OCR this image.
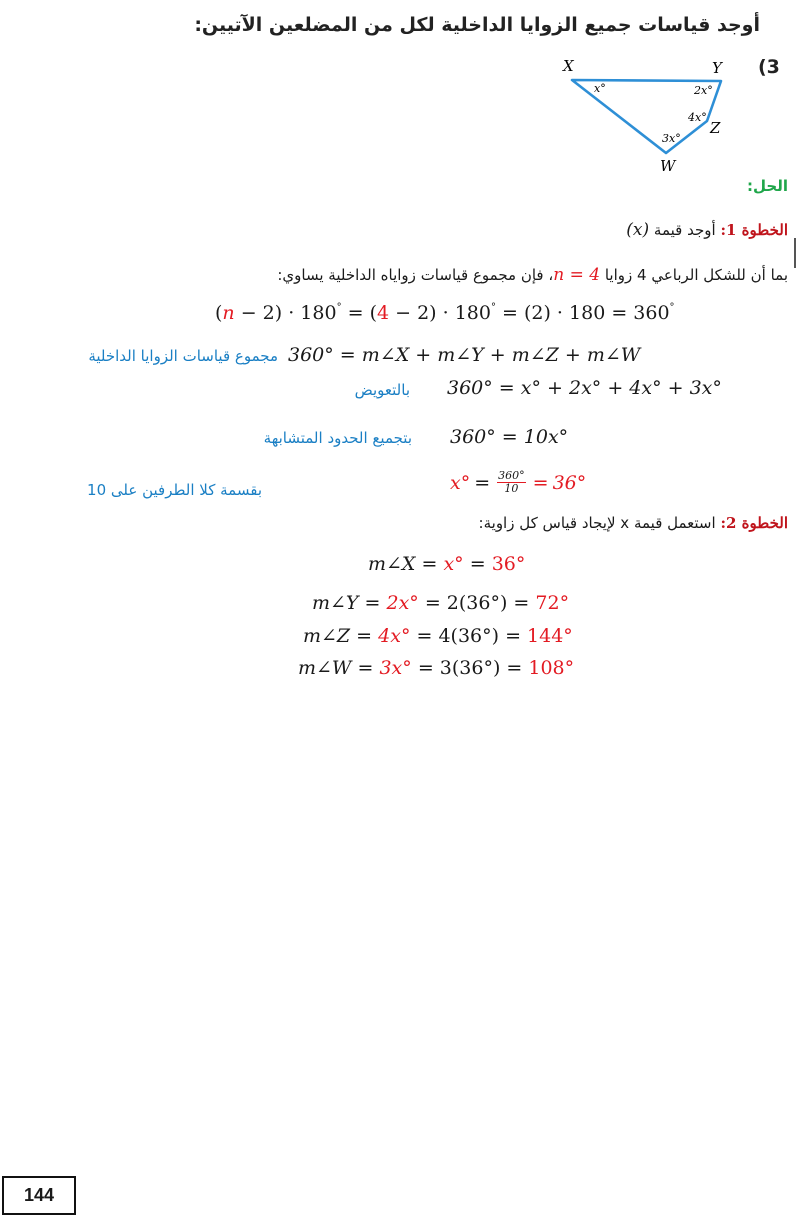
أوجد قياسات جميع الزوايا الداخلية لكل من المضلعين الآتيين:
(3
X	Y
Z
W
x°	2x°
4x°
3x°
الحل:
الخطوة 1: أوجد قيمة (x)
بما أن للشكل الرباعي 4 زوايا n = 4، فإن مجموع قياسات زواياه الداخلية يساوي:
(n − 2) · 180° = (4 − 2) · 180° = (2) · 180 = 360°
360° = m∠X + m∠Y + m∠Z + m∠W
مجموع قياسات الزوايا الداخلية
360° = x° + 2x° + 4x° + 3x°
بالتعويض
360° = 10x°
بتجميع الحدود المتشابهة
$x^\circ = \frac{360^\circ}{10} = 36^\circ$
بقسمة كلا الطرفين على 10
الخطوة 2: استعمل قيمة x لإيجاد قياس كل زاوية:
m∠X = x° = 36°
m∠Y = 2x° = 2(36°) = 72°
m∠Z = 4x° = 4(36°) = 144°
m∠W = 3x° = 3(36°) = 108°
144
